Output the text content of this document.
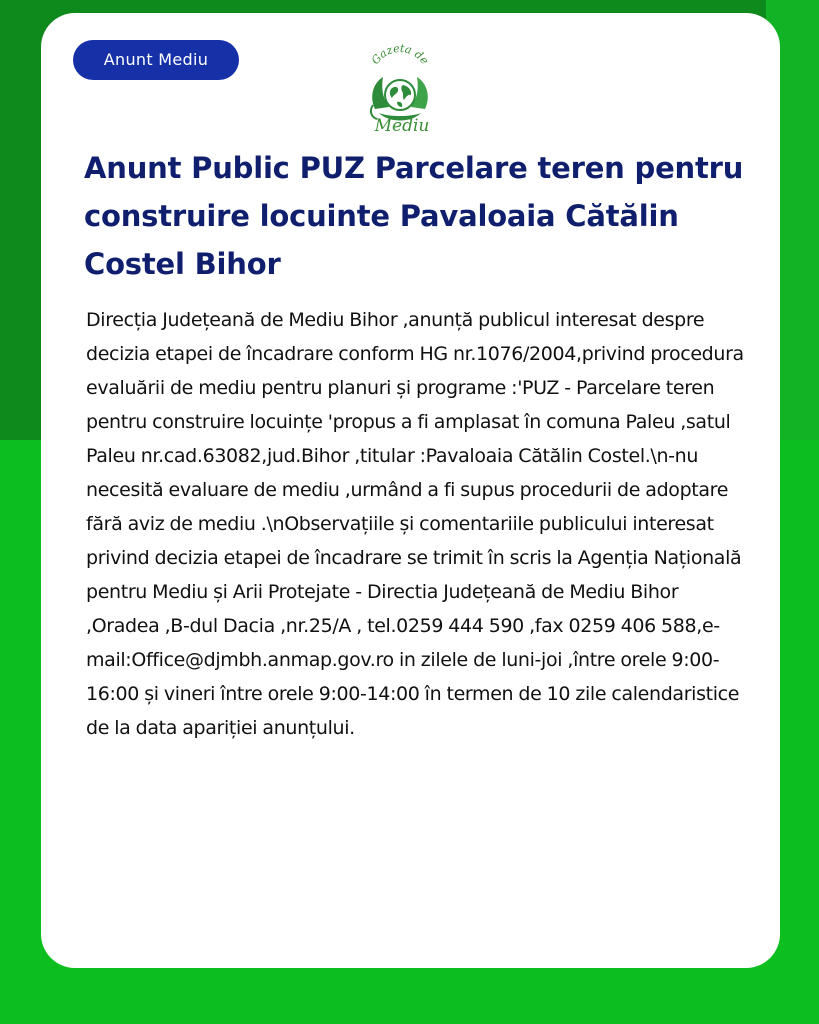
Anunt Mediu	Gazeta de
Mediu
Anunt Public PUZ Parcelare teren pentru construire locuinte Pavaloaia Cătălin Costel Bihor

Direcția Județeană de Mediu Bihor ,anunță publicul interesat despre decizia etapei de încadrare conform HG nr.1076/2004,privind procedura evaluării de mediu pentru planuri și programe :'PUZ - Parcelare teren pentru construire locuințe 'propus a fi amplasat în comuna Paleu ,satul Paleu nr.cad.63082,jud.Bihor ,titular :Pavaloaia Cătălin Costel.\n-nu necesită evaluare de mediu ,urmând a fi supus procedurii de adoptare fără aviz de mediu .\nObservațiile și comentariile publicului interesat privind decizia etapei de încadrare se trimit în scris la Agenția Națională pentru Mediu și Arii Protejate - Directia Județeană de Mediu Bihor ,Oradea ,B-dul Dacia ,nr.25/A , tel.0259 444 590 ,fax 0259 406 588,e-mail:Office@djmbh.anmap.gov.ro in zilele de luni-joi ,între orele 9:00-16:00 și vineri între orele 9:00-14:00 în termen de 10 zile calendaristice de la data apariției anunțului.
